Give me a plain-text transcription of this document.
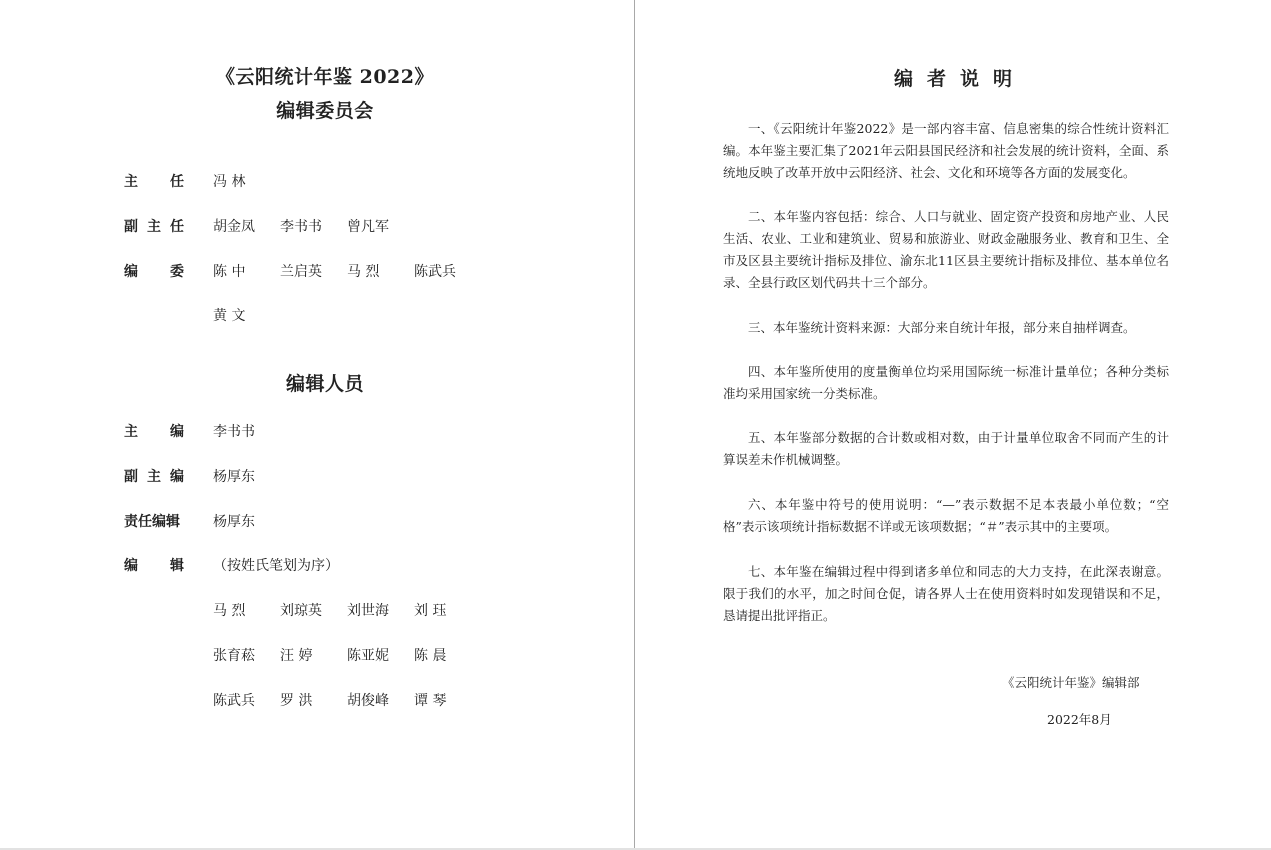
《云阳统计年鉴 2022》
编辑委员会
主 任 冯 林
副 主 任 胡金凤 李书书 曾凡军
编 委 陈 中 兰启英 马 烈 陈武兵
黄 文
编辑人员
主 编 李书书
副 主 编 杨厚东
责任编辑 杨厚东
编 辑 （按姓氏笔划为序）
马 烈 刘琼英 刘世海 刘 珏
张育菘 汪 婷 陈亚妮 陈 晨
陈武兵 罗 洪 胡俊峰 谭 琴
编者说明
一、《云阳统计年鉴2022》是一部内容丰富、信息密集的综合性统计资料汇编。本年鉴主要汇集了2021年云阳县国民经济和社会发展的统计资料，全面、系统地反映了改革开放中云阳经济、社会、文化和环境等各方面的发展变化。
二、本年鉴内容包括：综合、人口与就业、固定资产投资和房地产业、人民生活、农业、工业和建筑业、贸易和旅游业、财政金融服务业、教育和卫生、全市及区县主要统计指标及排位、渝东北11区县主要统计指标及排位、基本单位名录、全县行政区划代码共十三个部分。
三、本年鉴统计资料来源：大部分来自统计年报，部分来自抽样调查。
四、本年鉴所使用的度量衡单位均采用国际统一标准计量单位；各种分类标准均采用国家统一分类标准。
五、本年鉴部分数据的合计数或相对数，由于计量单位取舍不同而产生的计算误差未作机械调整。
六、本年鉴中符号的使用说明：“—”表示数据不足本表最小单位数；“空格”表示该项统计指标数据不详或无该项数据；“＃”表示其中的主要项。
七、本年鉴在编辑过程中得到诸多单位和同志的大力支持，在此深表谢意。限于我们的水平，加之时间仓促，请各界人士在使用资料时如发现错误和不足，恳请提出批评指正。
《云阳统计年鉴》编辑部
2022年8月
